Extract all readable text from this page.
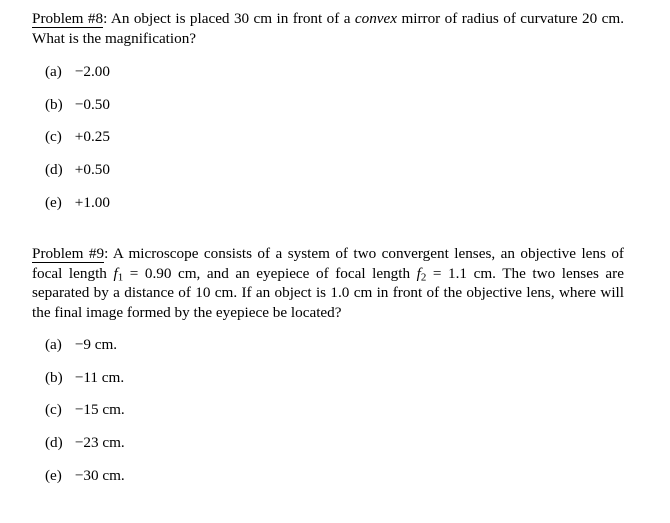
Problem #8: An object is placed 30 cm in front of a convex mirror of radius of curvature 20 cm. What is the magnification?
(a) −2.00
(b) −0.50
(c) +0.25
(d) +0.50
(e) +1.00
Problem #9: A microscope consists of a system of two convergent lenses, an objective lens of focal length $f_1 = 0.90$ cm, and an eyepiece of focal length $f_2 = 1.1$ cm. The two lenses are separated by a distance of 10 cm. If an object is 1.0 cm in front of the objective lens, where will the final image formed by the eyepiece be located?
(a) −9 cm.
(b) −11 cm.
(c) −15 cm.
(d) −23 cm.
(e) −30 cm.
